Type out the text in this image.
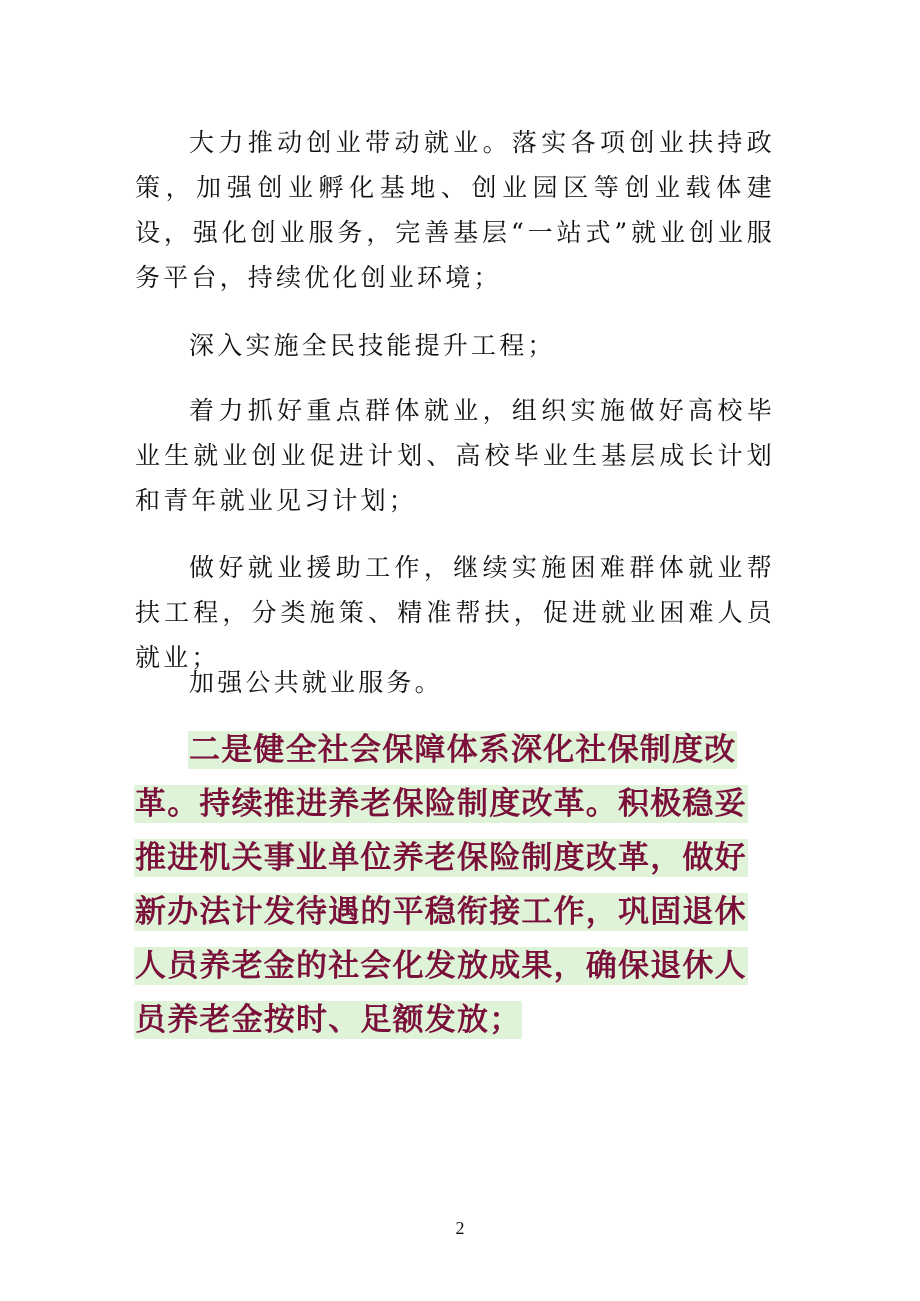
大力推动创业带动就业。落实各项创业扶持政策，加强创业孵化基地、创业园区等创业载体建设，强化创业服务，完善基层“一站式”就业创业服务平台，持续优化创业环境；

深入实施全民技能提升工程；

着力抓好重点群体就业，组织实施做好高校毕业生就业创业促进计划、高校毕业生基层成长计划和青年就业见习计划；

做好就业援助工作，继续实施困难群体就业帮扶工程，分类施策、精准帮扶，促进就业困难人员就业；

加强公共就业服务。

二是健全社会保障体系深化社保制度改革。持续推进养老保险制度改革。积极稳妥推进机关事业单位养老保险制度改革，做好新办法计发待遇的平稳衔接工作，巩固退休人员养老金的社会化发放成果，确保退休人员养老金按时、足额发放；

2
